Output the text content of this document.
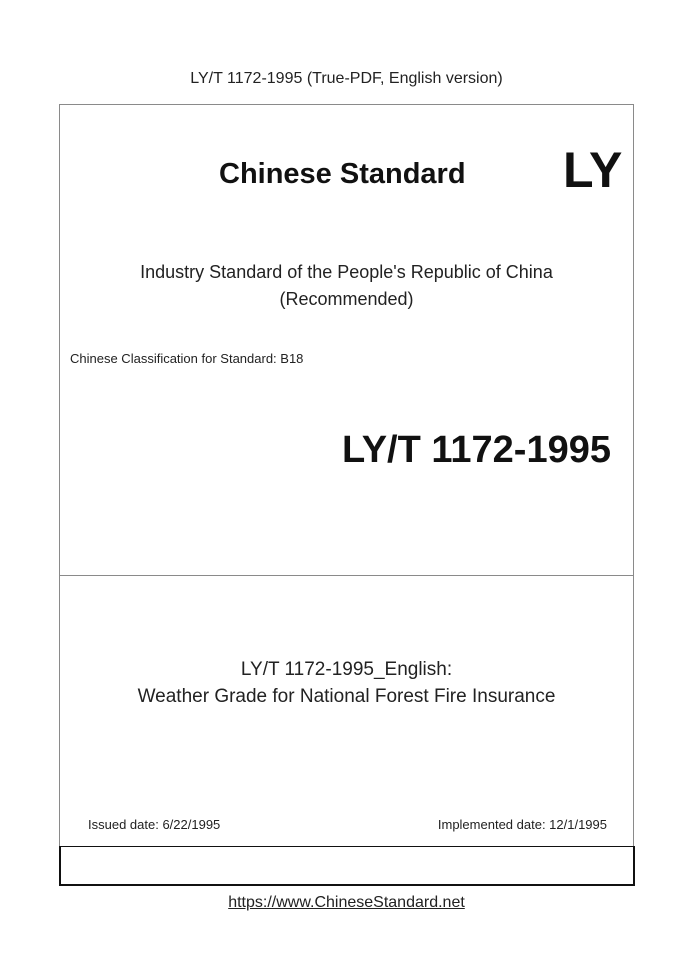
LY/T 1172-1995 (True-PDF, English version)
Chinese Standard LY
Industry Standard of the People's Republic of China
(Recommended)
Chinese Classification for Standard: B18
LY/T 1172-1995
LY/T 1172-1995_English:
Weather Grade for National Forest Fire Insurance
Issued date: 6/22/1995	Implemented date: 12/1/1995
https://www.ChineseStandard.net
